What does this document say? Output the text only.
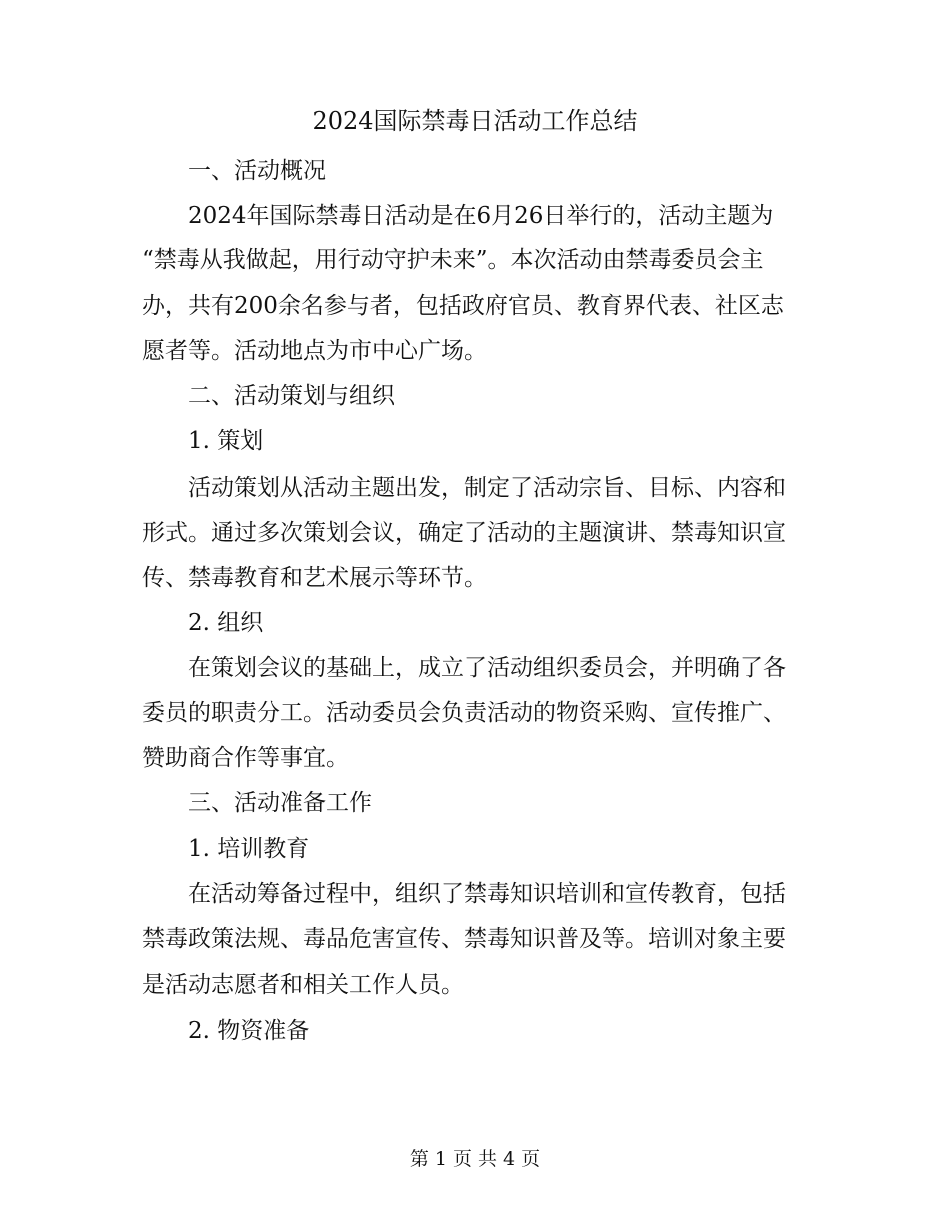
2024国际禁毒日活动工作总结
一、活动概况
2024年国际禁毒日活动是在6月26日举行的，活动主题为
“禁毒从我做起，用行动守护未来”。本次活动由禁毒委员会主
办，共有200余名参与者，包括政府官员、教育界代表、社区志
愿者等。活动地点为市中心广场。
二、活动策划与组织
1. 策划
活动策划从活动主题出发，制定了活动宗旨、目标、内容和
形式。通过多次策划会议，确定了活动的主题演讲、禁毒知识宣
传、禁毒教育和艺术展示等环节。
2. 组织
在策划会议的基础上，成立了活动组织委员会，并明确了各
委员的职责分工。活动委员会负责活动的物资采购、宣传推广、
赞助商合作等事宜。
三、活动准备工作
1. 培训教育
在活动筹备过程中，组织了禁毒知识培训和宣传教育，包括
禁毒政策法规、毒品危害宣传、禁毒知识普及等。培训对象主要
是活动志愿者和相关工作人员。
2. 物资准备
第 1 页 共 4 页
